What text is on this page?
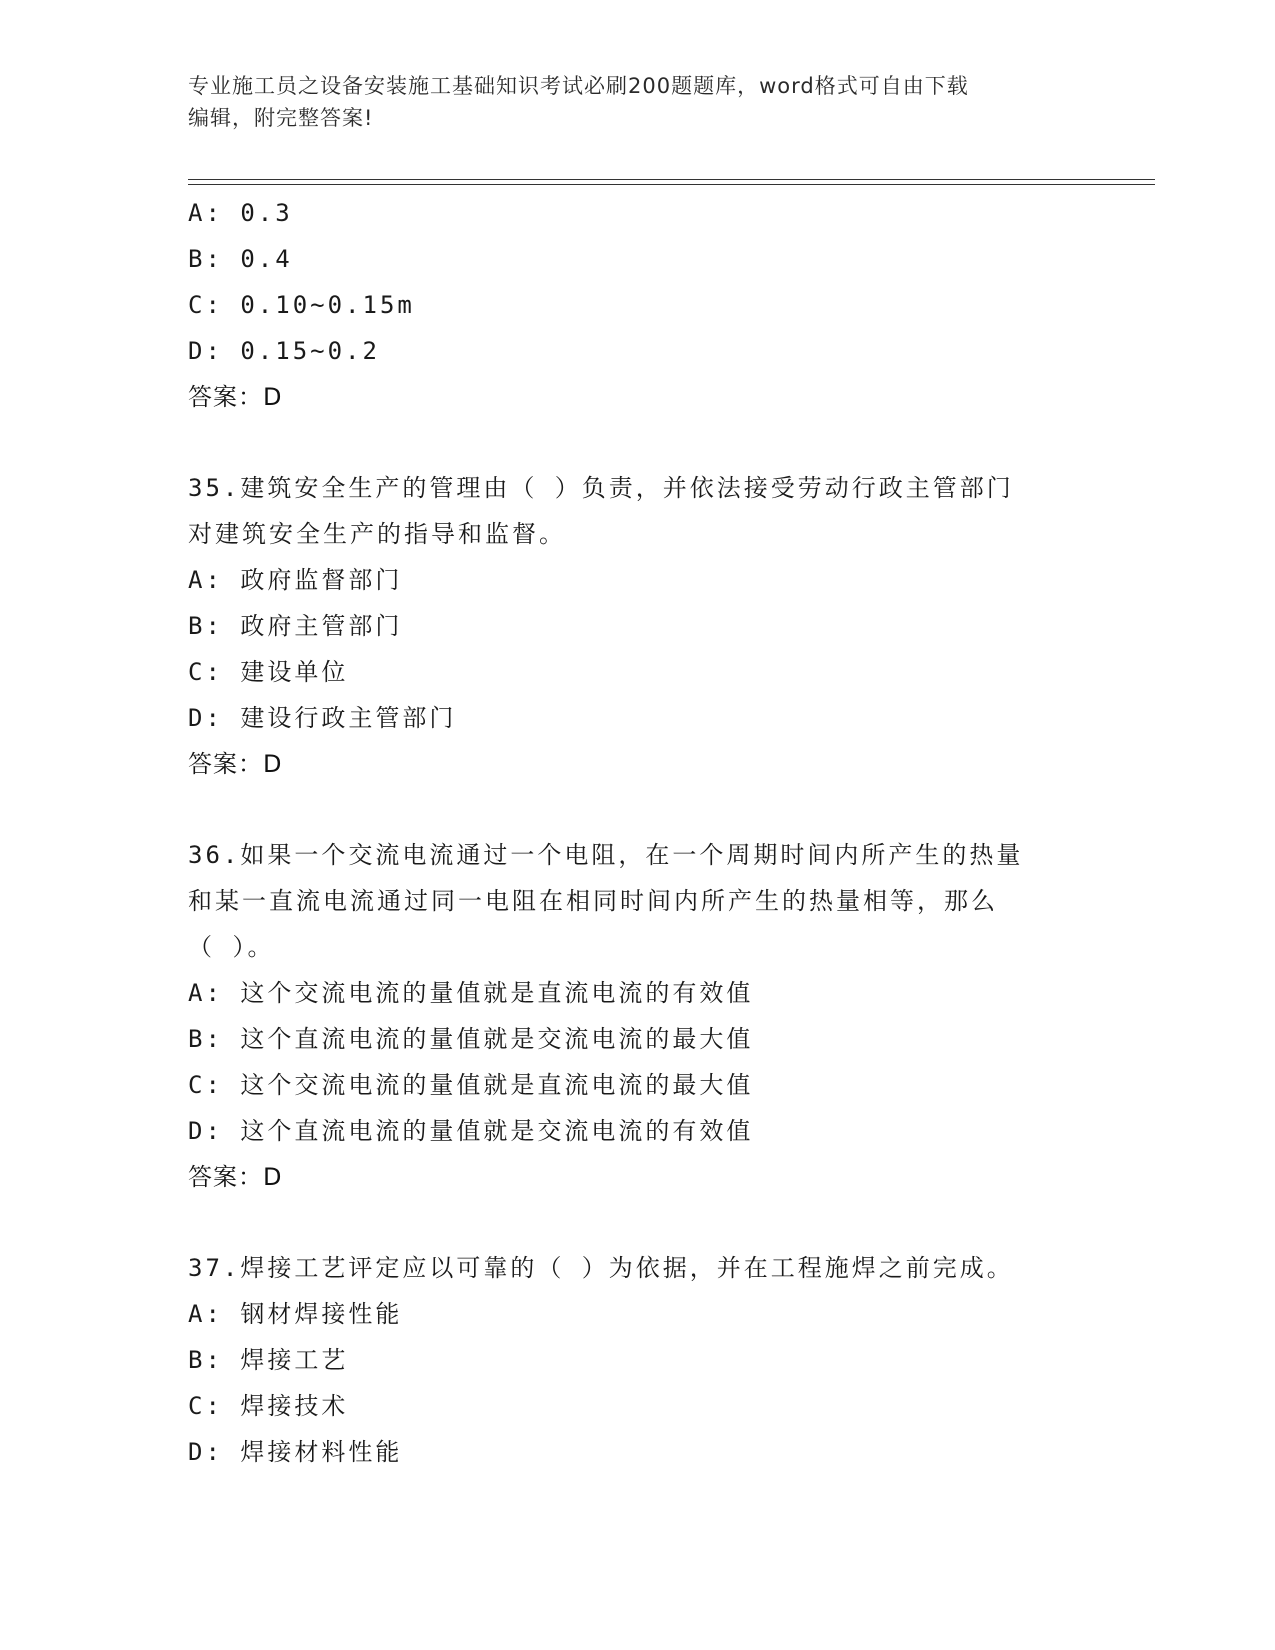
专业施工员之设备安装施工基础知识考试必刷200题题库，word格式可自由下载
编辑，附完整答案!
A: 0.3
B: 0.4
C: 0.10~0.15m
D: 0.15~0.2
答案：D
35.建筑安全生产的管理由（ ）负责，并依法接受劳动行政主管部门
对建筑安全生产的指导和监督。
A: 政府监督部门
B: 政府主管部门
C: 建设单位
D: 建设行政主管部门
答案：D
36.如果一个交流电流通过一个电阻，在一个周期时间内所产生的热量
和某一直流电流通过同一电阻在相同时间内所产生的热量相等，那么
（ ）。
A: 这个交流电流的量值就是直流电流的有效值
B: 这个直流电流的量值就是交流电流的最大值
C: 这个交流电流的量值就是直流电流的最大值
D: 这个直流电流的量值就是交流电流的有效值
答案：D
37.焊接工艺评定应以可靠的（ ）为依据，并在工程施焊之前完成。
A: 钢材焊接性能
B: 焊接工艺
C: 焊接技术
D: 焊接材料性能
